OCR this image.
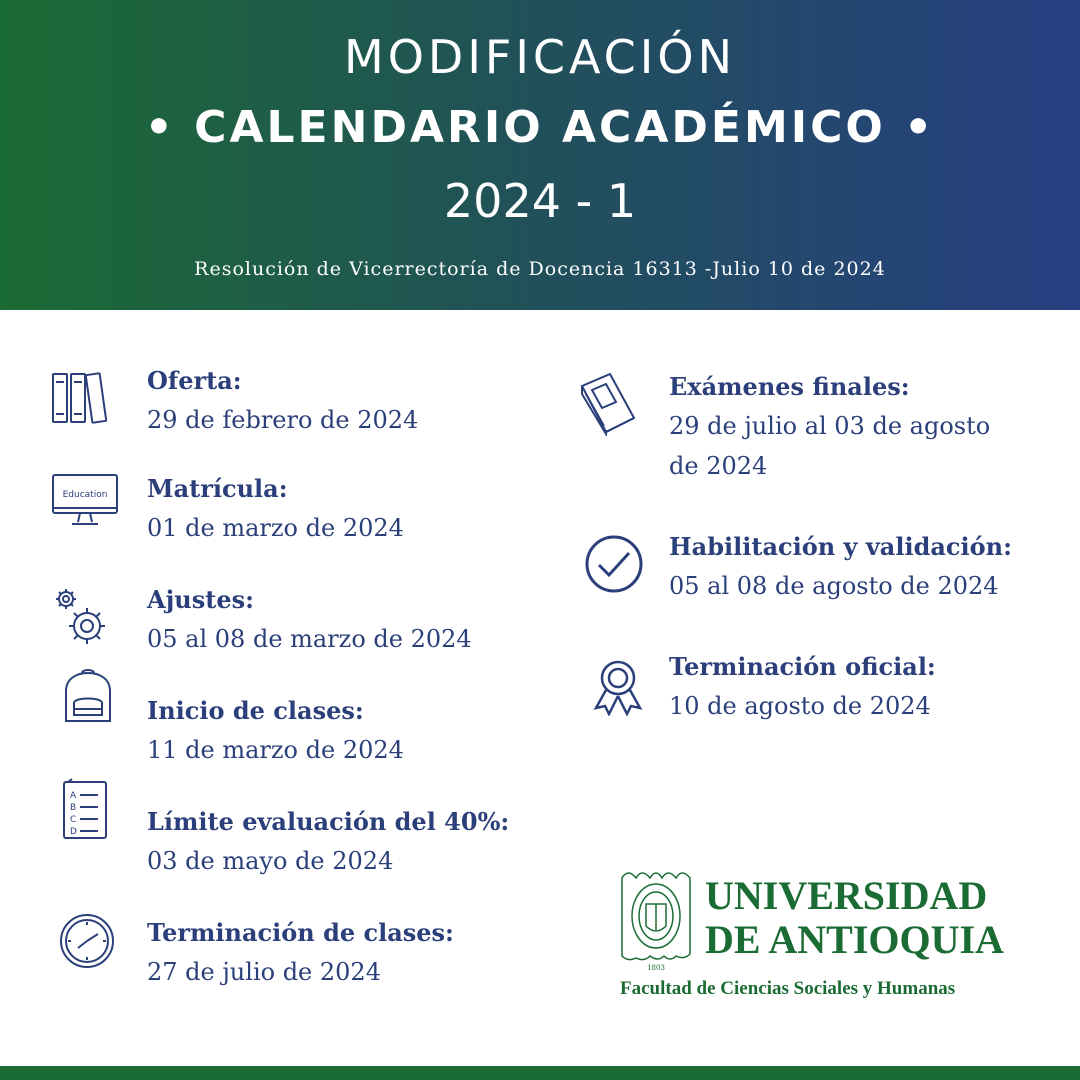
MODIFICACIÓN
• CALENDARIO ACADÉMICO •
2024 - 1
Resolución de Vicerrectoría de Docencia 16313 -Julio 10 de 2024
Oferta:
29 de febrero de 2024
Education Matrícula:
01 de marzo de 2024
Ajustes:
05 al 08 de marzo de 2024
Inicio de clases:
11 de marzo de 2024
A
B
C
D	Límite evaluación del 40%:
03 de mayo de 2024
Terminación de clases:
27 de julio de 2024
Exámenes finales:
29 de julio al 03 de agosto
de 2024
Habilitación y validación:
05 al 08 de agosto de 2024
Terminación oficial:
10 de agosto de 2024
1803
UNIVERSIDAD
DE ANTIOQUIA
Facultad de Ciencias Sociales y Humanas
